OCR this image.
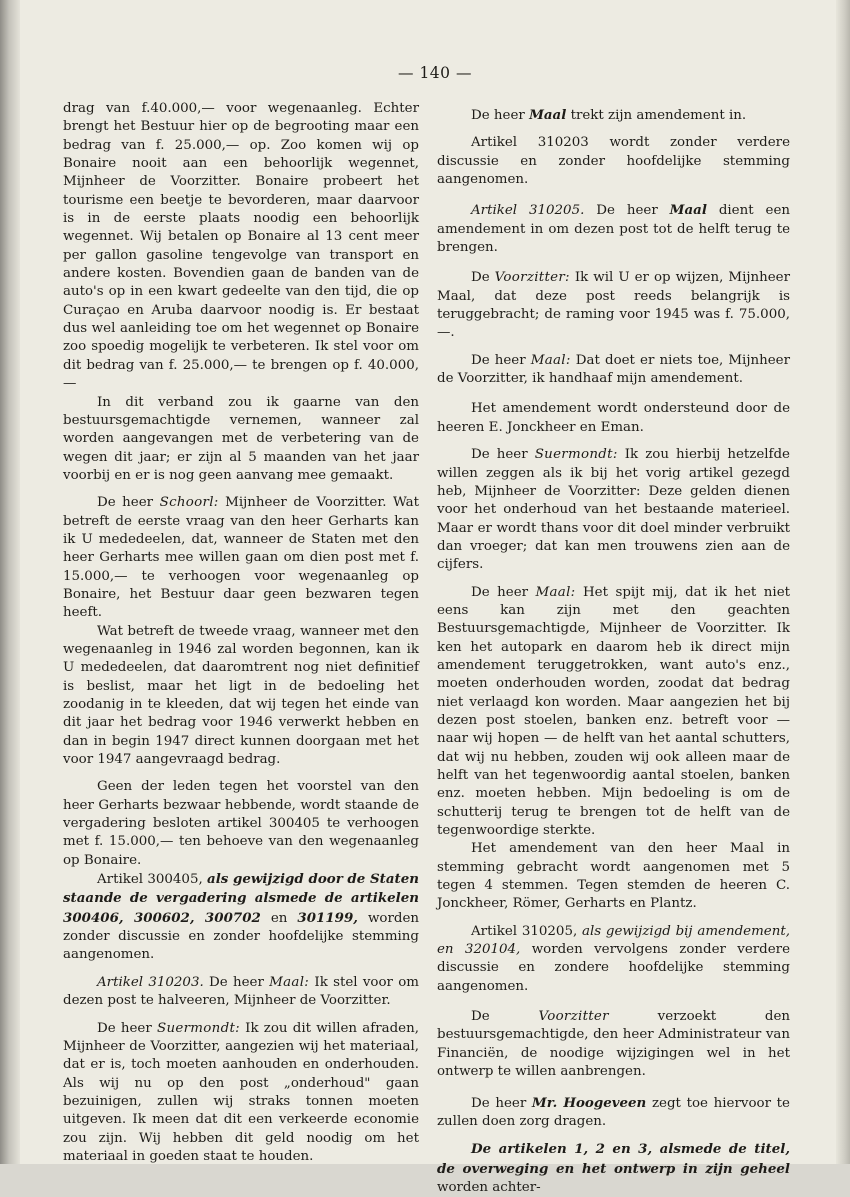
— 140 —

drag van f.40.000,— voor wegenaanleg. Echter brengt het Bestuur hier op de begrooting maar een bedrag van f. 25.000,— op. Zoo komen wij op Bonaire nooit aan een behoorlijk wegennet, Mijnheer de Voorzitter. Bonaire probeert het tourisme een beetje te bevorderen, maar daarvoor is in de eerste plaats noodig een behoorlijk wegennet. Wij betalen op Bonaire al 13 cent meer per gallon gasoline tengevolge van transport en andere kosten. Bovendien gaan de banden van de auto's op in een kwart gedeelte van den tijd, die op Curaçao en Aruba daarvoor noodig is. Er bestaat dus wel aanleiding toe om het wegennet op Bonaire zoo spoedig mogelijk te verbeteren. Ik stel voor om dit bedrag van f. 25.000,— te brengen op f. 40.000,—

In dit verband zou ik gaarne van den bestuursgemachtigde vernemen, wanneer zal worden aangevangen met de verbetering van de wegen dit jaar; er zijn al 5 maanden van het jaar voorbij en er is nog geen aanvang mee gemaakt.

De heer Schoorl: Mijnheer de Voorzitter. Wat betreft de eerste vraag van den heer Gerharts kan ik U mededeelen, dat, wanneer de Staten met den heer Gerharts mee willen gaan om dien post met f. 15.000,— te verhoogen voor wegenaanleg op Bonaire, het Bestuur daar geen bezwaren tegen heeft.

Wat betreft de tweede vraag, wanneer met den wegenaanleg in 1946 zal worden begonnen, kan ik U mededeelen, dat daaromtrent nog niet definitief is beslist, maar het ligt in de bedoeling het zoodanig in te kleeden, dat wij tegen het einde van dit jaar het bedrag voor 1946 verwerkt hebben en dan in begin 1947 direct kunnen doorgaan met het voor 1947 aangevraagd bedrag.

Geen der leden tegen het voorstel van den heer Gerharts bezwaar hebbende, wordt staande de vergadering besloten artikel 300405 te verhoogen met f. 15.000,— ten behoeve van den wegenaanleg op Bonaire.

Artikel 300405, als gewijzigd door de Staten staande de vergadering alsmede de artikelen 300406, 300602, 300702 en 301199, worden zonder discussie en zonder hoofdelijke stemming aangenomen.

Artikel 310203. De heer Maal: Ik stel voor om dezen post te halveeren, Mijnheer de Voorzitter.

De heer Suermondt: Ik zou dit willen afraden, Mijnheer de Voorzitter, aangezien wij het materiaal, dat er is, toch moeten aanhouden en onderhouden. Als wij nu op den post „onderhoud" gaan bezuinigen, zullen wij straks tonnen moeten uitgeven. Ik meen dat dit een verkeerde economie zou zijn. Wij hebben dit geld noodig om het materiaal in goeden staat te houden.

De heer Maal trekt zijn amendement in.

Artikel 310203 wordt zonder verdere discussie en zonder hoofdelijke stemming aangenomen.

Artikel 310205. De heer Maal dient een amendement in om dezen post tot de helft terug te brengen.

De Voorzitter: Ik wil U er op wijzen, Mijnheer Maal, dat deze post reeds belangrijk is teruggebracht; de raming voor 1945 was f. 75.000,—.

De heer Maal: Dat doet er niets toe, Mijnheer de Voorzitter, ik handhaaf mijn amendement.

Het amendement wordt ondersteund door de heeren E. Jonckheer en Eman.

De heer Suermondt: Ik zou hierbij hetzelfde willen zeggen als ik bij het vorig artikel gezegd heb, Mijnheer de Voorzitter: Deze gelden dienen voor het onderhoud van het bestaande materieel. Maar er wordt thans voor dit doel minder verbruikt dan vroeger; dat kan men trouwens zien aan de cijfers.

De heer Maal: Het spijt mij, dat ik het niet eens kan zijn met den geachten Bestuursgemachtigde, Mijnheer de Voorzitter. Ik ken het autopark en daarom heb ik direct mijn amendement teruggetrokken, want auto's enz., moeten onderhouden worden, zoodat dat bedrag niet verlaagd kon worden. Maar aangezien het bij dezen post stoelen, banken enz. betreft voor — naar wij hopen — de helft van het aantal schutters, dat wij nu hebben, zouden wij ook alleen maar de helft van het tegenwoordig aantal stoelen, banken enz. moeten hebben. Mijn bedoeling is om de schutterij terug te brengen tot de helft van de tegenwoordige sterkte.

Het amendement van den heer Maal in stemming gebracht wordt aangenomen met 5 tegen 4 stemmen. Tegen stemden de heeren C. Jonckheer, Römer, Gerharts en Plantz.

Artikel 310205, als gewijzigd bij amendement, en 320104, worden vervolgens zonder verdere discussie en zondere hoofdelijke stemming aangenomen.

De Voorzitter verzoekt den bestuursgemachtigde, den heer Administrateur van Financiën, de noodige wijzigingen wel in het ontwerp te willen aanbrengen.

De heer Mr. Hoogeveen zegt toe hiervoor te zullen doen zorg dragen.

De artikelen 1, 2 en 3, alsmede de titel, de overweging en het ontwerp in zijn geheel worden achter-
